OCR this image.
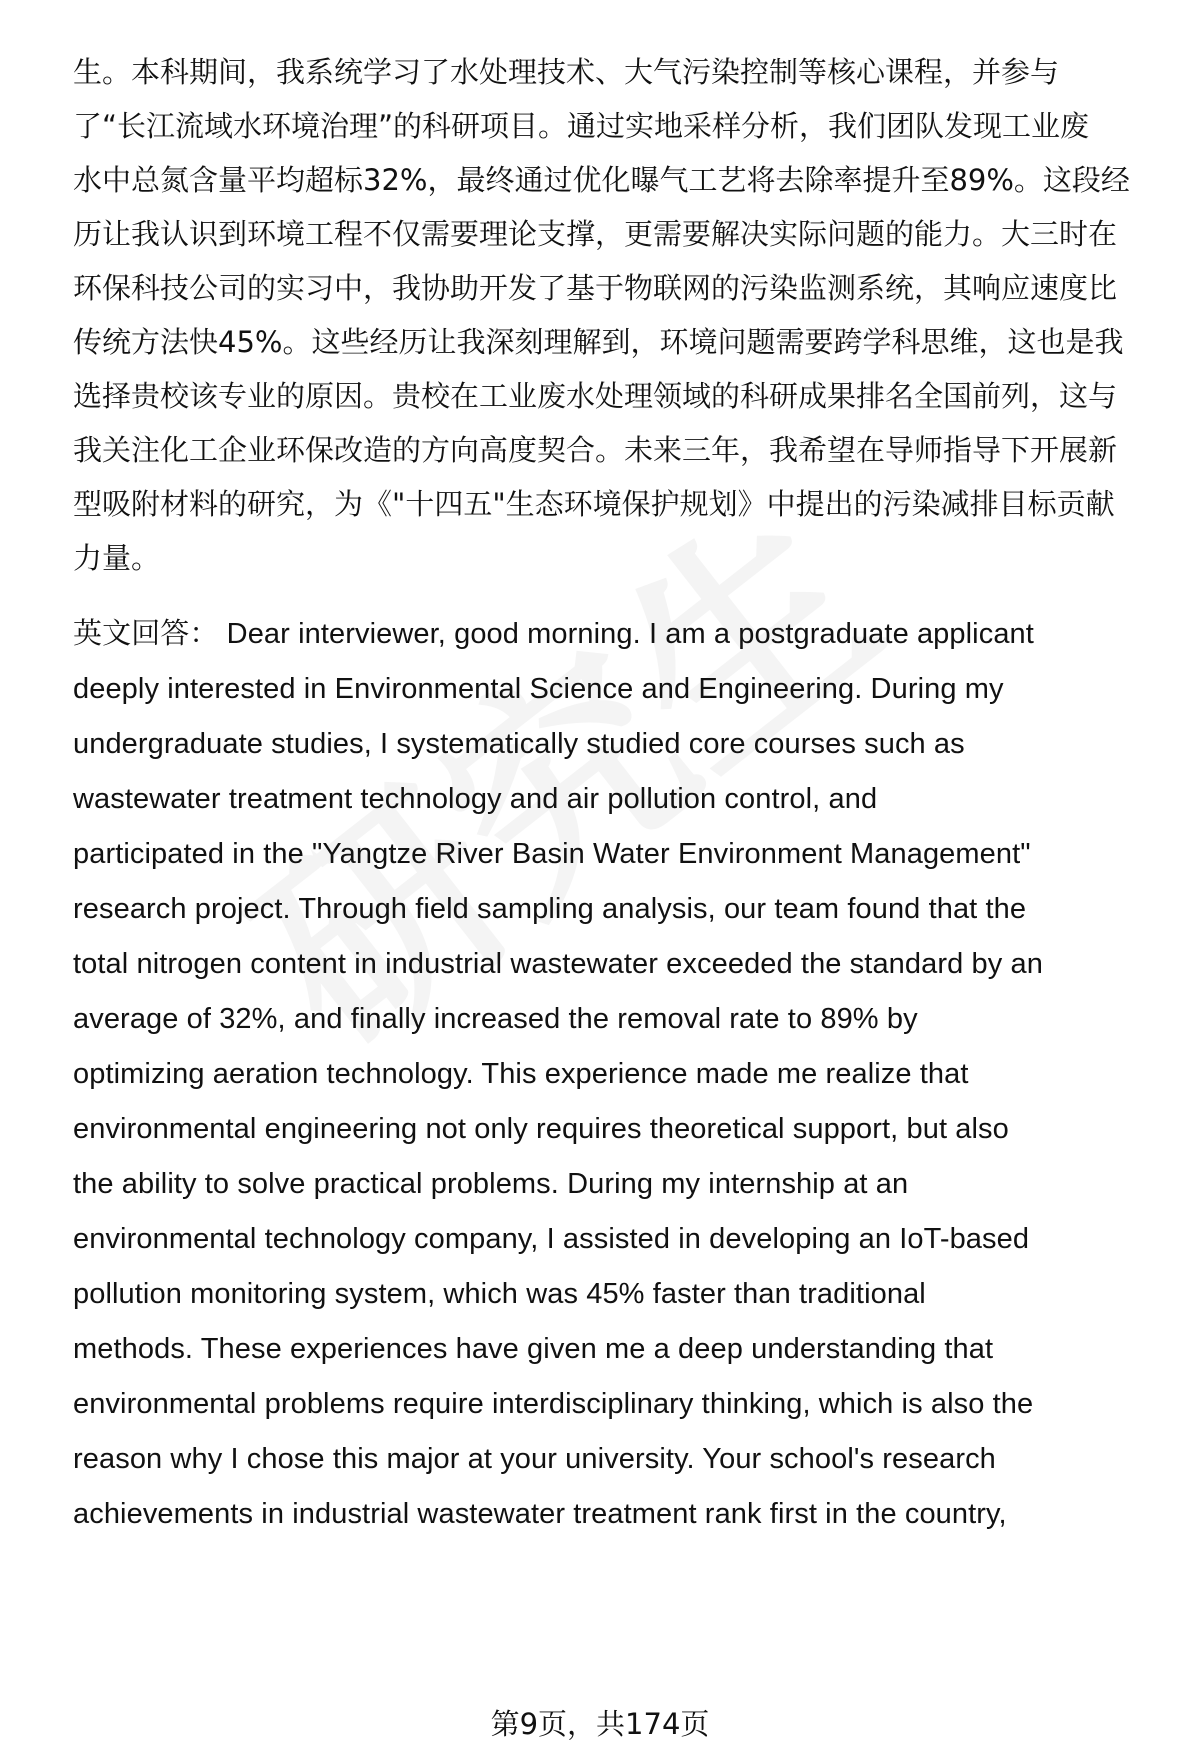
生。本科期间，我系统学习了水处理技术、大气污染控制等核心课程，并参与
了“长江流域水环境治理”的科研项目。通过实地采样分析，我们团队发现工业废
水中总氮含量平均超标32%，最终通过优化曝气工艺将去除率提升至89%。这段经
历让我认识到环境工程不仅需要理论支撑，更需要解决实际问题的能力。大三时在
环保科技公司的实习中，我协助开发了基于物联网的污染监测系统，其响应速度比
传统方法快45%。这些经历让我深刻理解到，环境问题需要跨学科思维，这也是我
选择贵校该专业的原因。贵校在工业废水处理领域的科研成果排名全国前列，这与
我关注化工企业环保改造的方向高度契合。未来三年，我希望在导师指导下开展新
型吸附材料的研究，为《"十四五"生态环境保护规划》中提出的污染减排目标贡献
力量。
英文回答： Dear interviewer, good morning. I am a postgraduate applicant
deeply interested in Environmental Science and Engineering. During my
undergraduate studies, I systematically studied core courses such as
wastewater treatment technology and air pollution control, and
participated in the "Yangtze River Basin Water Environment Management"
research project. Through field sampling analysis, our team found that the
total nitrogen content in industrial wastewater exceeded the standard by an
average of 32%, and finally increased the removal rate to 89% by
optimizing aeration technology. This experience made me realize that
environmental engineering not only requires theoretical support, but also
the ability to solve practical problems. During my internship at an
environmental technology company, I assisted in developing an IoT-based
pollution monitoring system, which was 45% faster than traditional
methods. These experiences have given me a deep understanding that
environmental problems require interdisciplinary thinking, which is also the
reason why I chose this major at your university. Your school's research
achievements in industrial wastewater treatment rank first in the country,
第9页，共174页
